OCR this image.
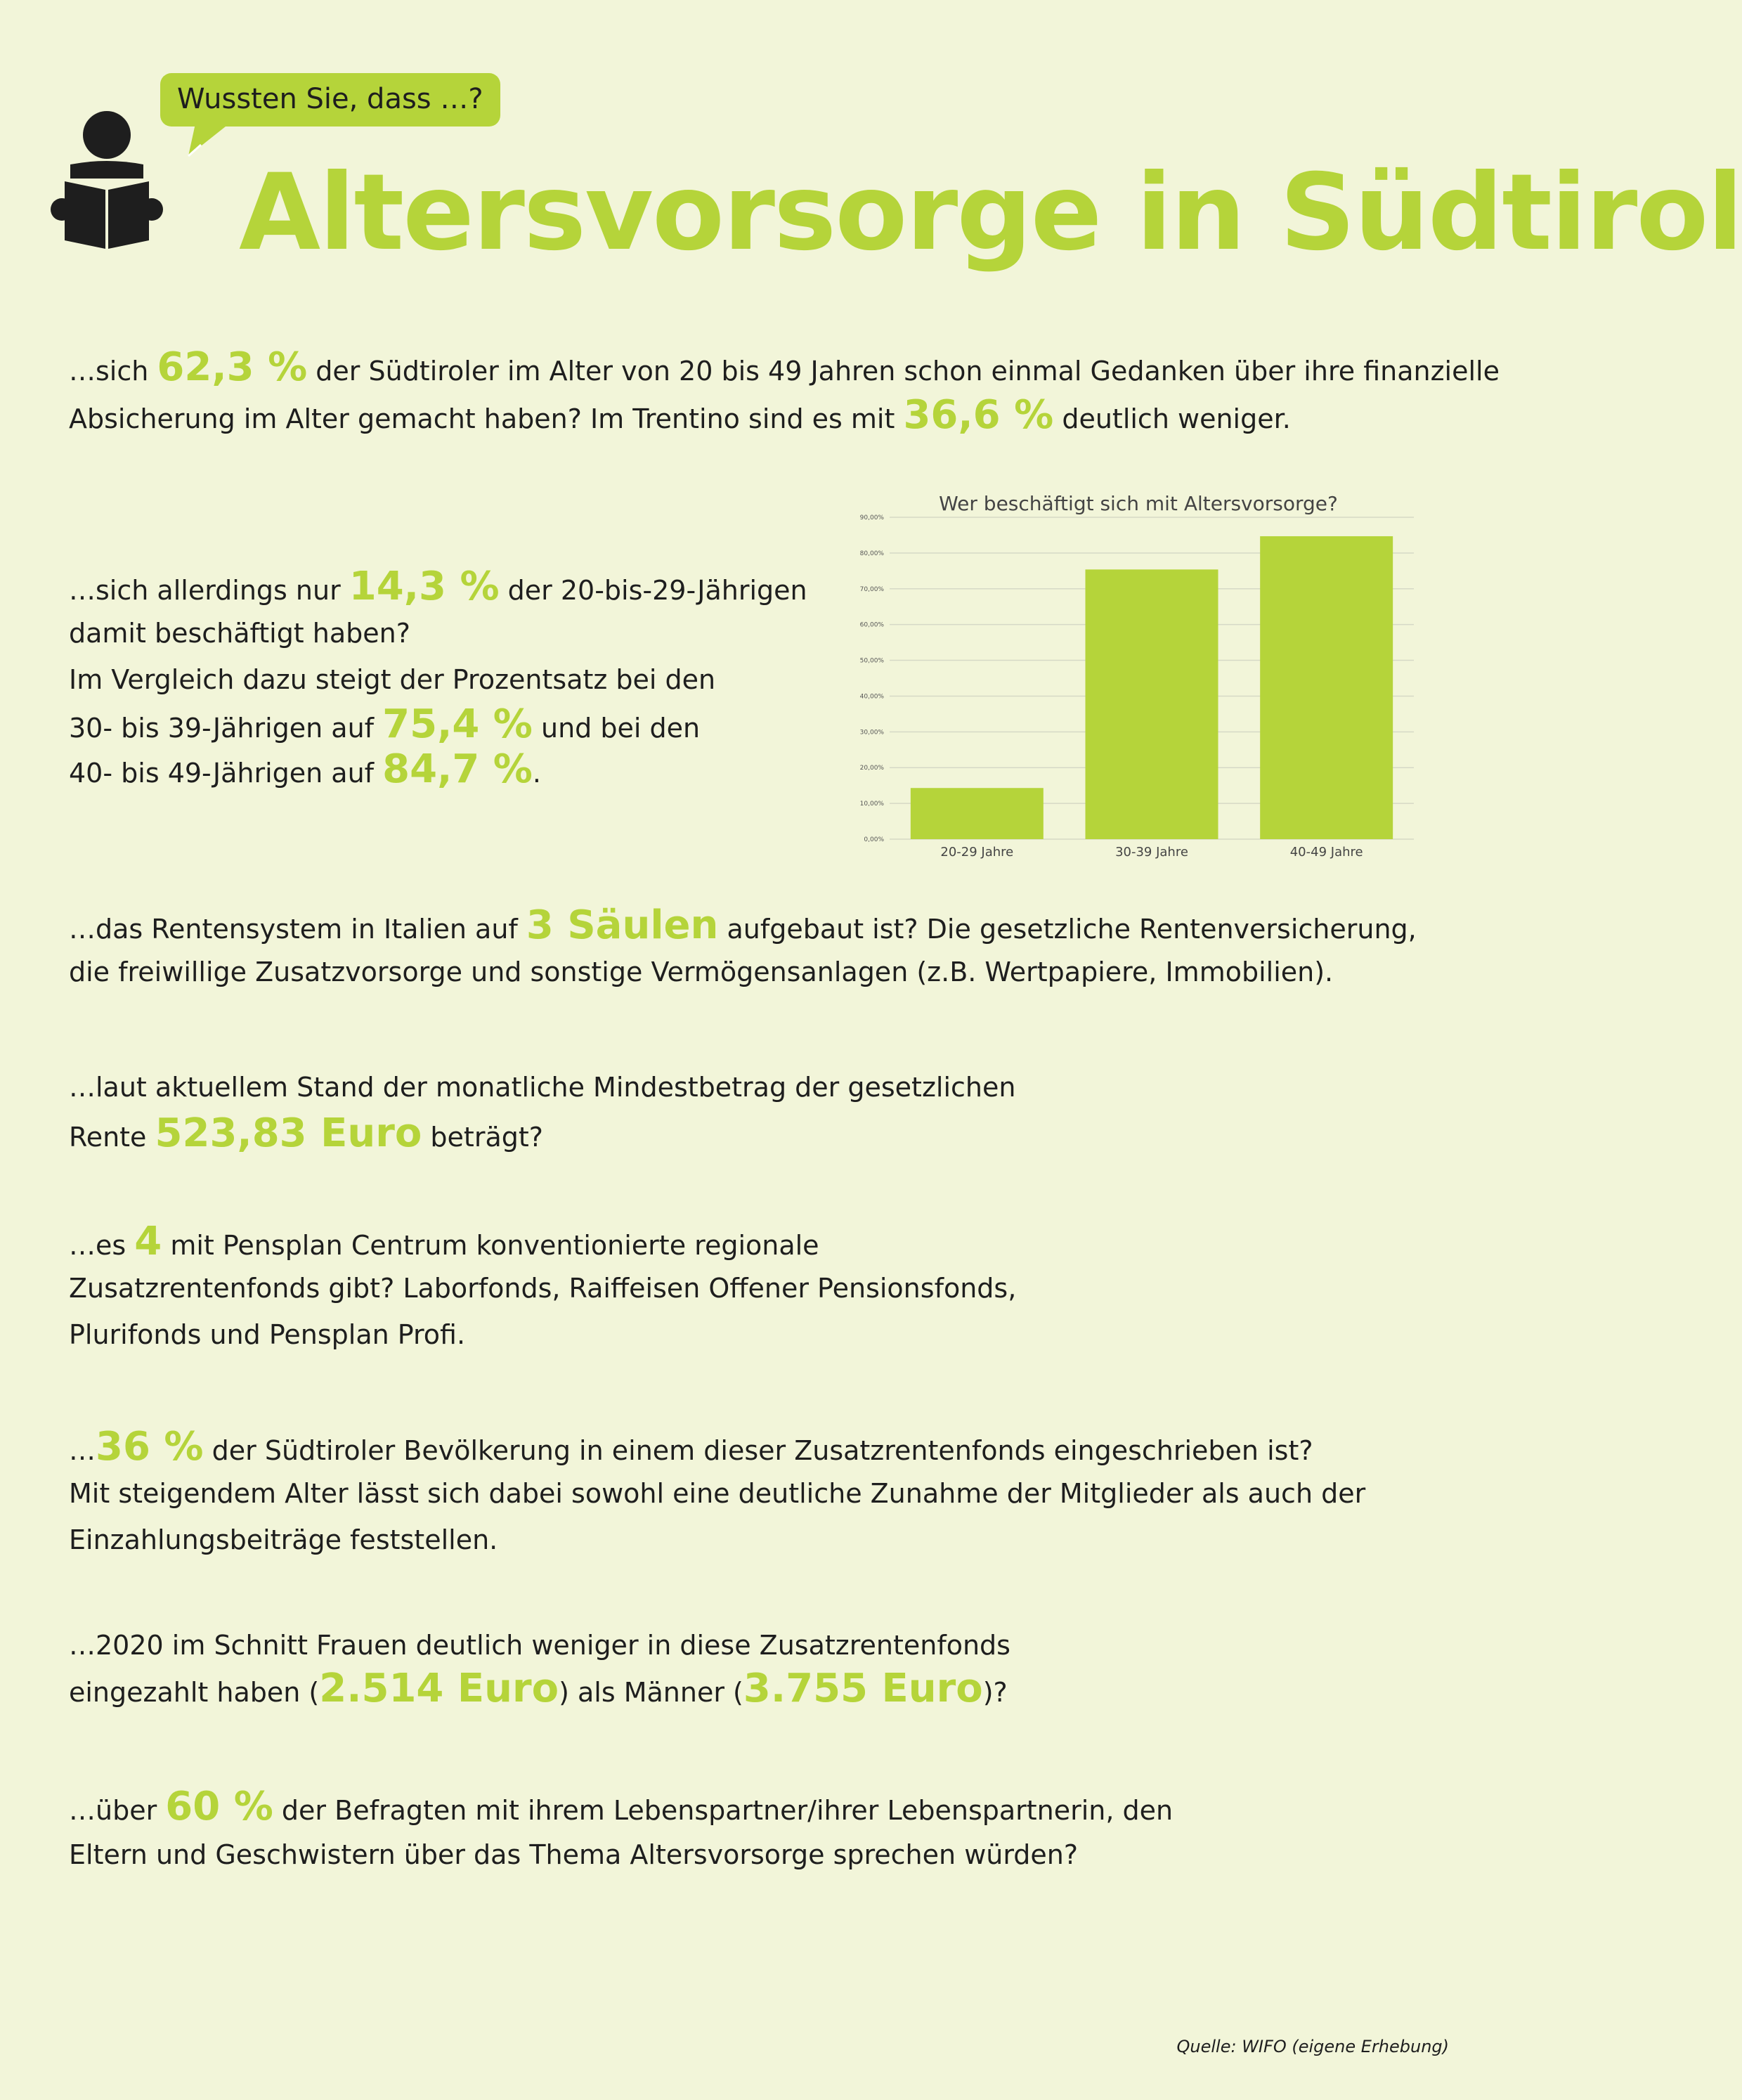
Wussten Sie, dass …?
Altersvorsorge in Südtirol
…sich 62,3 % der Südtiroler im Alter von 20 bis 49 Jahren schon einmal Gedanken über ihre finanzielle
Absicherung im Alter gemacht haben? Im Trentino sind es mit 36,6 % deutlich weniger.
…sich allerdings nur 14,3 % der 20-bis-29-Jährigen
damit beschäftigt haben?
Im Vergleich dazu steigt der Prozentsatz bei den
30- bis 39-Jährigen auf 75,4 % und bei den
40- bis 49-Jährigen auf 84,7 %.
Wer beschäftigt sich mit Altersvorsorge?
0,00%
10,00%
20,00%
30,00%
40,00%
50,00%
60,00%
70,00%
80,00%
90,00%
20-29 Jahre	30-39 Jahre	40-49 Jahre
…das Rentensystem in Italien auf 3 Säulen aufgebaut ist? Die gesetzliche Rentenversicherung,
die freiwillige Zusatzvorsorge und sonstige Vermögensanlagen (z.B. Wertpapiere, Immobilien).
…laut aktuellem Stand der monatliche Mindestbetrag der gesetzlichen
Rente 523,83 Euro beträgt?
…es 4 mit Pensplan Centrum konventionierte regionale
Zusatzrentenfonds gibt? Laborfonds, Raiffeisen Offener Pensionsfonds,
Plurifonds und Pensplan Profi.
…36 % der Südtiroler Bevölkerung in einem dieser Zusatzrentenfonds eingeschrieben ist?
Mit steigendem Alter lässt sich dabei sowohl eine deutliche Zunahme der Mitglieder als auch der
Einzahlungsbeiträge feststellen.
…2020 im Schnitt Frauen deutlich weniger in diese Zusatzrentenfonds
eingezahlt haben (2.514 Euro) als Männer (3.755 Euro)?
…über 60 % der Befragten mit ihrem Lebenspartner/ihrer Lebenspartnerin, den
Eltern und Geschwistern über das Thema Altersvorsorge sprechen würden?
Quelle: WIFO (eigene Erhebung)
